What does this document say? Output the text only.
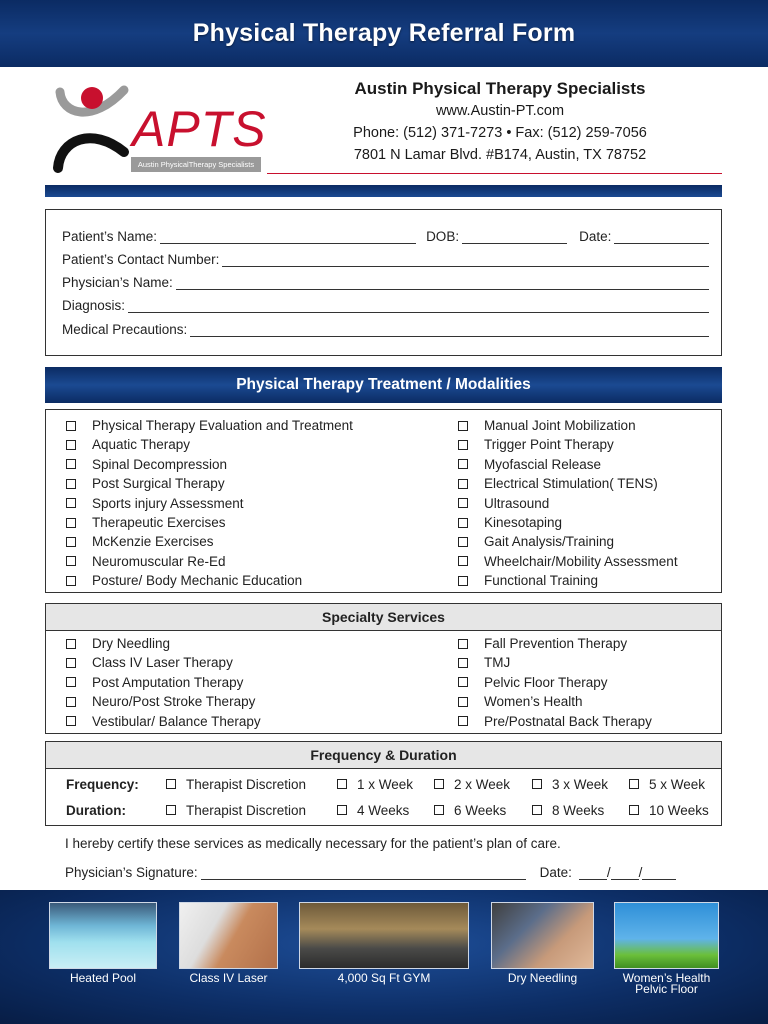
Physical Therapy Referral Form
APTS
Austin PhysicalTherapy Specialists
Austin Physical Therapy Specialists
www.Austin-PT.com
Phone: (512) 371-7273 • Fax: (512) 259-7056
7801 N Lamar Blvd. #B174, Austin, TX 78752
Patient’s Name:	DOB:	Date:
Patient’s Contact Number:
Physician’s Name:
Diagnosis:
Medical Precautions:
Physical Therapy Treatment / Modalities
Physical Therapy Evaluation and Treatment
Aquatic Therapy
Spinal Decompression
Post Surgical Therapy
Sports injury Assessment
Therapeutic Exercises
McKenzie Exercises
Neuromuscular Re-Ed
Posture/ Body Mechanic Education
Manual Joint Mobilization
Trigger Point Therapy
Myofascial Release
Electrical Stimulation( TENS)
Ultrasound
Kinesotaping
Gait Analysis/Training
Wheelchair/Mobility Assessment
Functional Training
Specialty Services
Dry Needling
Class IV Laser Therapy
Post Amputation Therapy
Neuro/Post Stroke Therapy
Vestibular/ Balance Therapy
Fall Prevention Therapy
TMJ
Pelvic Floor Therapy
Women’s Health
Pre/Postnatal Back Therapy
Frequency & Duration
Frequency:	Therapist Discretion	1 x Week	2 x Week	3 x Week	5 x Week
Duration:	Therapist Discretion	4 Weeks	6 Weeks	8 Weeks	10 Weeks
I hereby certify these services as medically necessary for the patient’s plan of care.
Physician’s Signature:	Date:	/ /
Heated Pool	Class IV Laser	4,000 Sq Ft GYM	Dry Needling	Women’s Health
Pelvic Floor
